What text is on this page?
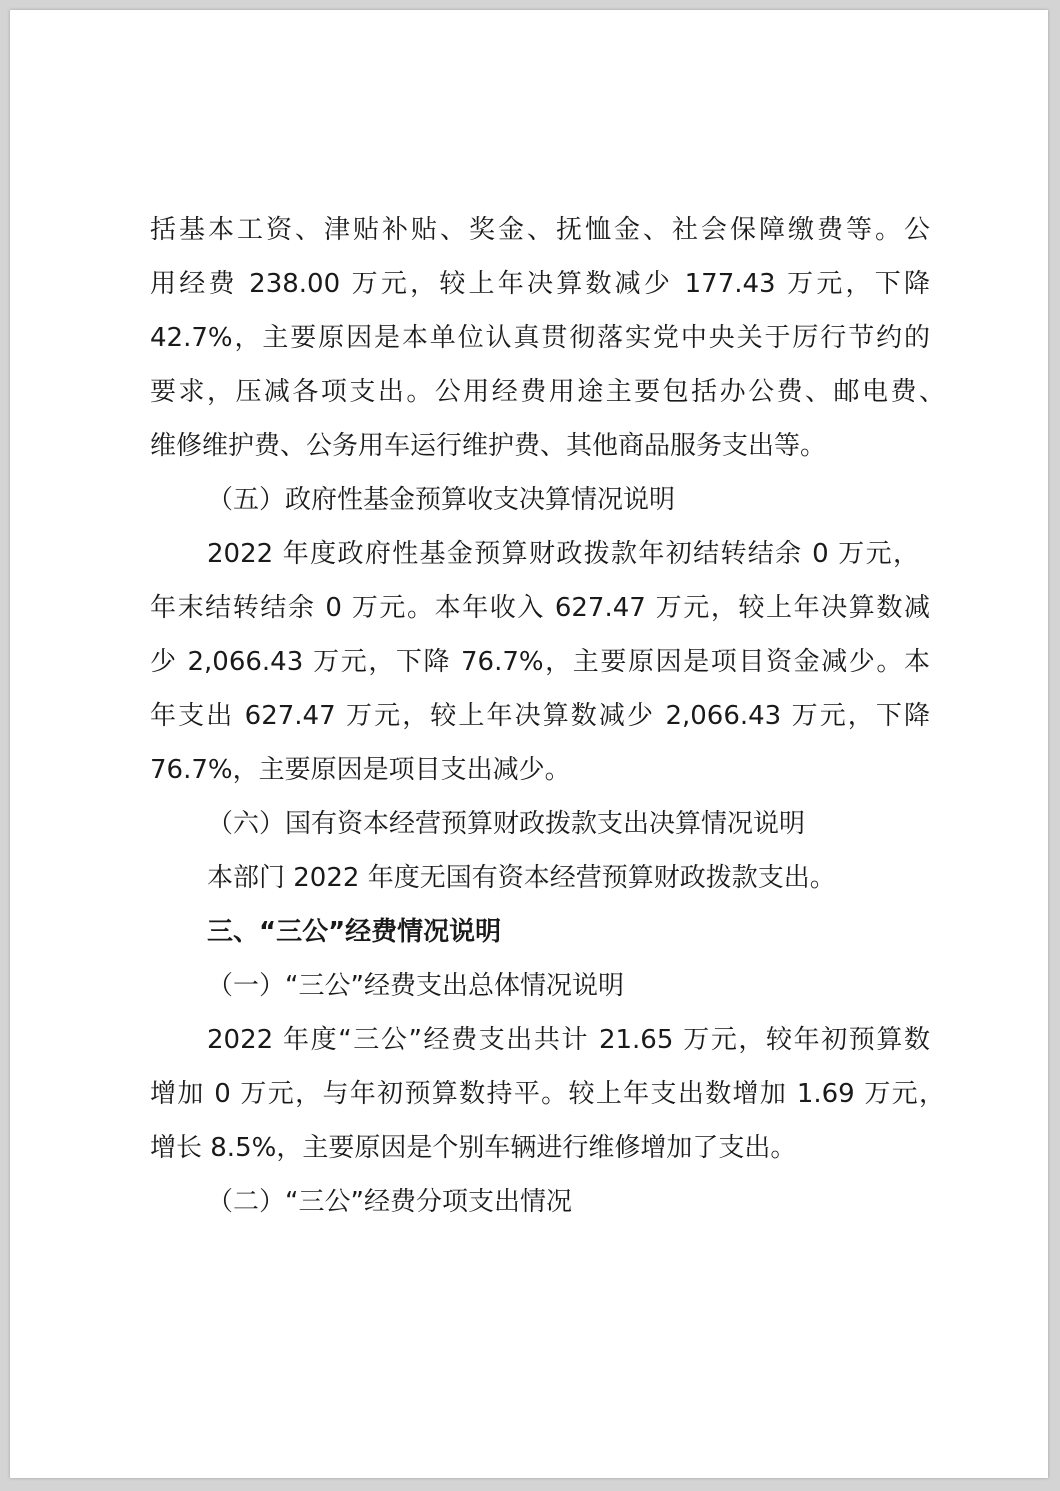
括基本工资、津贴补贴、奖金、抚恤金、社会保障缴费等。公
用经费 238.00 万元，较上年决算数减少 177.43 万元，下降
42.7%，主要原因是本单位认真贯彻落实党中央关于厉行节约的
要求，压减各项支出。公用经费用途主要包括办公费、邮电费、
维修维护费、公务用车运行维护费、其他商品服务支出等。
（五）政府性基金预算收支决算情况说明
2022 年度政府性基金预算财政拨款年初结转结余 0 万元，
年末结转结余 0 万元。本年收入 627.47 万元，较上年决算数减
少 2,066.43 万元，下降 76.7%，主要原因是项目资金减少。本
年支出 627.47 万元，较上年决算数减少 2,066.43 万元，下降
76.7%，主要原因是项目支出减少。
（六）国有资本经营预算财政拨款支出决算情况说明
本部门 2022 年度无国有资本经营预算财政拨款支出。
三、“三公”经费情况说明
（一）“三公”经费支出总体情况说明
2022 年度“三公”经费支出共计 21.65 万元，较年初预算数
增加 0 万元，与年初预算数持平。较上年支出数增加 1.69 万元，
增长 8.5%，主要原因是个别车辆进行维修增加了支出。
（二）“三公”经费分项支出情况
